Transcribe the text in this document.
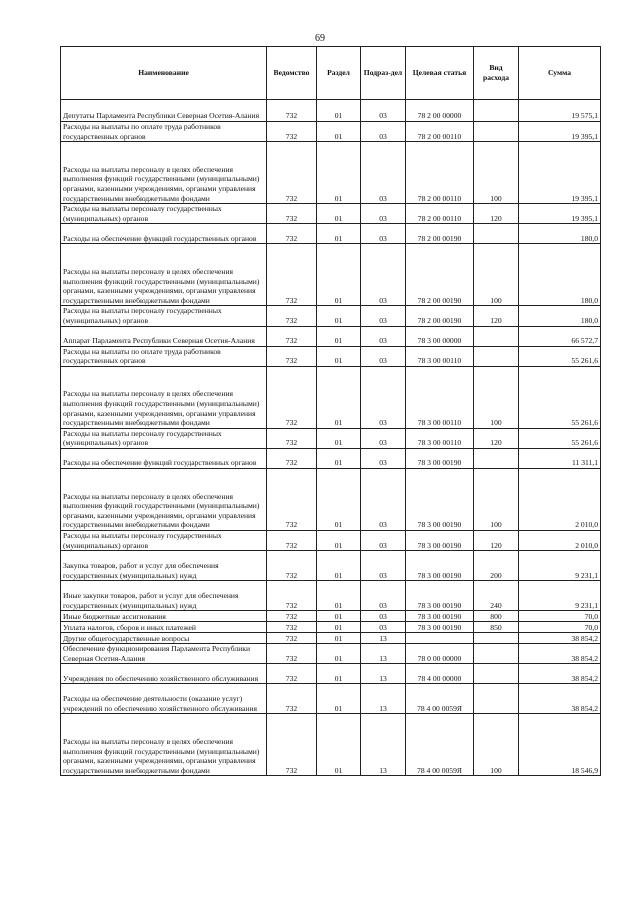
69
Наименование	Ведомство	Раздел	Подраз-дел	Целевая статья	Вид расхода	Сумма
Депутаты Парламента Республики Северная Осетия-Алания	732	01	03	78 2 00 00000		19 575,1
Расходы на выплаты по оплате труда работников государственных органов	732	01	03	78 2 00 00110		19 395,1
Расходы на выплаты персоналу в целях обеспечения выполнения функций государственными (муниципальными) органами, казенными учреждениями, органами управления государственными внебюджетными фондами	732	01	03	78 2 00 00110	100	19 395,1
Расходы на выплаты персоналу государственных (муниципальных) органов	732	01	03	78 2 00 00110	120	19 395,1
Расходы на обеспечение функций государственных органов	732	01	03	78 2 00 00190		180,0
Расходы на выплаты персоналу в целях обеспечения выполнения функций государственными (муниципальными) органами, казенными учреждениями, органами управления государственными внебюджетными фондами	732	01	03	78 2 00 00190	100	180,0
Расходы на выплаты персоналу государственных (муниципальных) органов	732	01	03	78 2 00 00190	120	180,0
Аппарат Парламента Республики Северная Осетия-Алания	732	01	03	78 3 00 00000		66 572,7
Расходы на выплаты по оплате труда работников государственных органов	732	01	03	78 3 00 00110		55 261,6
Расходы на выплаты персоналу в целях обеспечения выполнения функций государственными (муниципальными) органами, казенными учреждениями, органами управления государственными внебюджетными фондами	732	01	03	78 3 00 00110	100	55 261,6
Расходы на выплаты персоналу государственных (муниципальных) органов	732	01	03	78 3 00 00110	120	55 261,6
Расходы на обеспечение функций государственных органов	732	01	03	78 3 00 00190		11 311,1
Расходы на выплаты персоналу в целях обеспечения выполнения функций государственными (муниципальными) органами, казенными учреждениями, органами управления государственными внебюджетными фондами	732	01	03	78 3 00 00190	100	2 010,0
Расходы на выплаты персоналу государственных (муниципальных) органов	732	01	03	78 3 00 00190	120	2 010,0
Закупка товаров, работ и услуг для обеспечения государственных (муниципальных) нужд	732	01	03	78 3 00 00190	200	9 231,1
Иные закупки товаров, работ и услуг для обеспечения государственных (муниципальных) нужд	732	01	03	78 3 00 00190	240	9 231,1
Иные бюджетные ассигнования	732	01	03	78 3 00 00190	800	70,0
Уплата налогов, сборов и иных платежей	732	01	03	78 3 00 00190	850	70,0
Другие общегосударственные вопросы	732	01	13			38 854,2
Обеспечение функционирования Парламента Республики Северная Осетия-Алания	732	01	13	78 0 00 00000		38 854,2
Учреждения по обеспечению хозяйственного обслуживания	732	01	13	78 4 00 00000		38 854,2
Расходы на обеспечение деятельности (оказание услуг) учреждений по обеспечению хозяйственного обслуживания	732	01	13	78 4 00 0059Я		38 854,2
Расходы на выплаты персоналу в целях обеспечения выполнения функций государственными (муниципальными) органами, казенными учреждениями, органами управления государственными внебюджетными фондами	732	01	13	78 4 00 0059Я	100	18 546,9
